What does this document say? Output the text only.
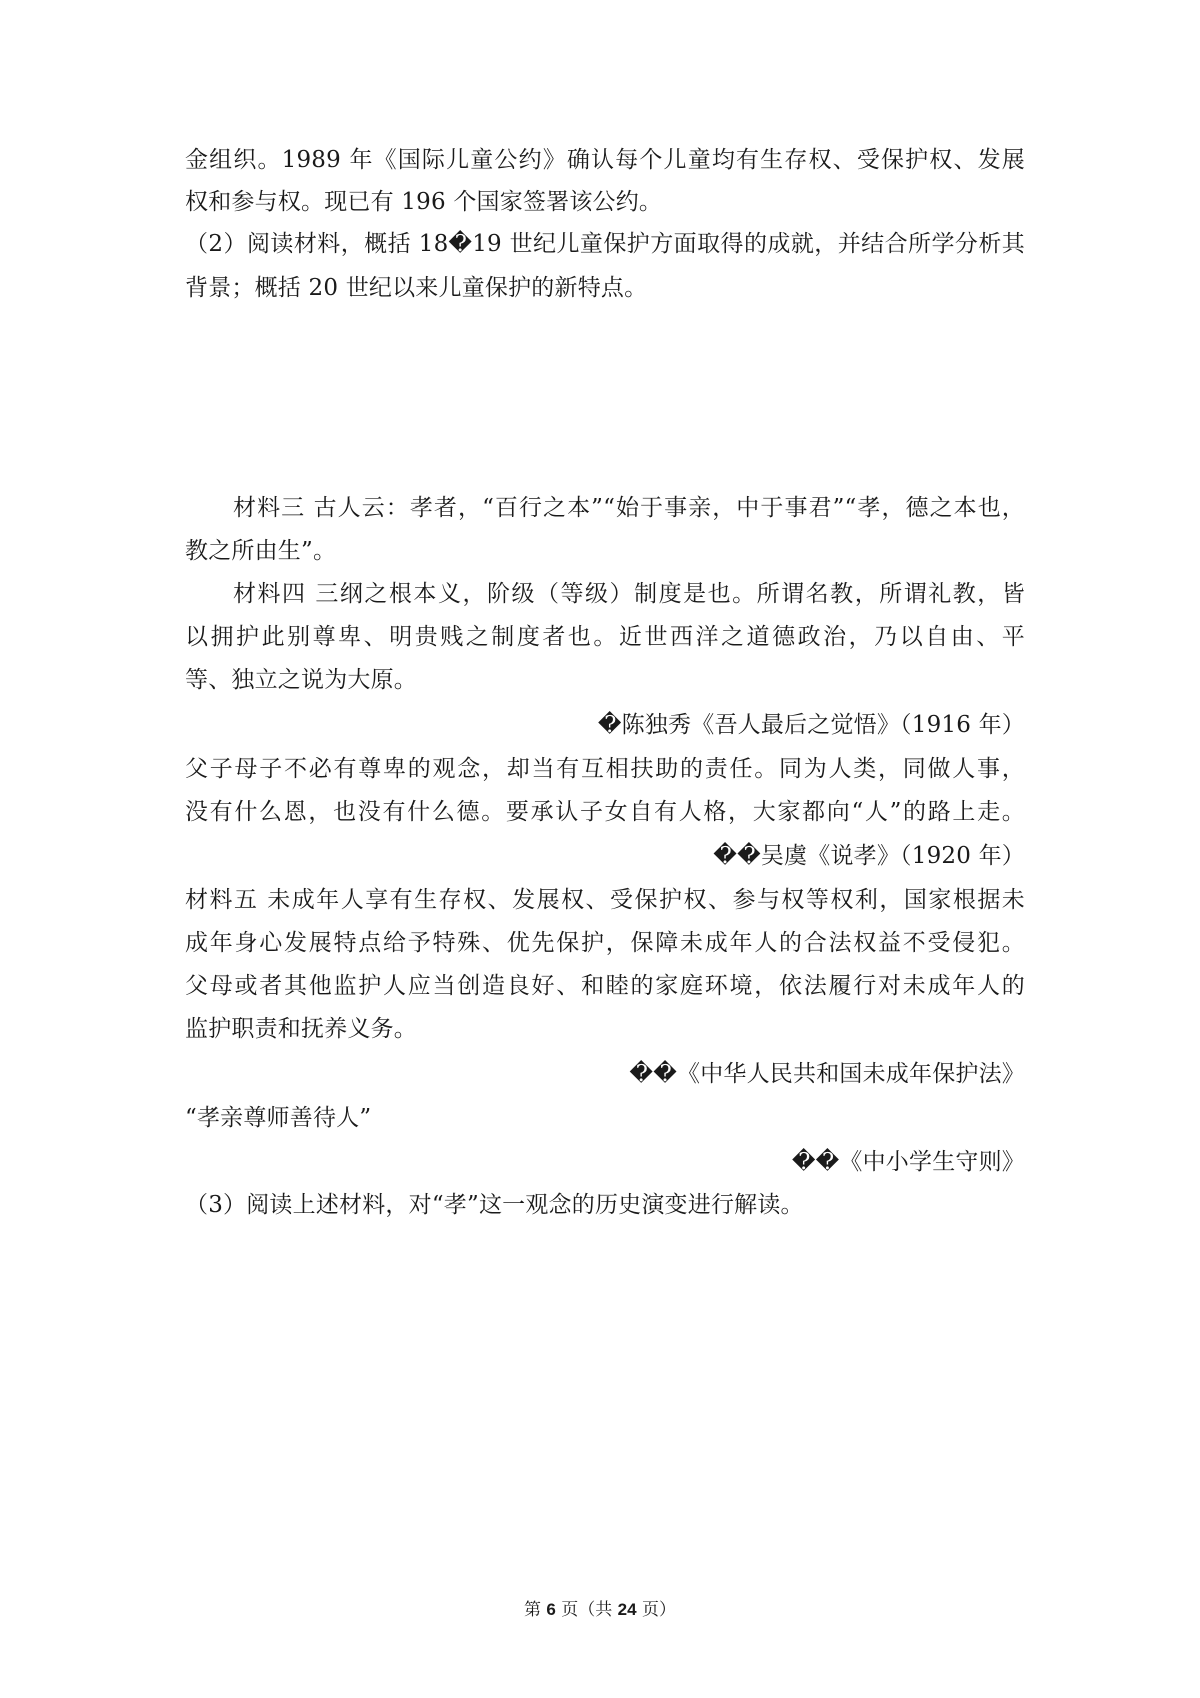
金组织。1989 年《国际儿童公约》确认每个儿童均有生存权、受保护权、发展
权和参与权。现已有 196 个国家签署该公约。
（2）阅读材料，概括 18�19 世纪儿童保护方面取得的成就，并结合所学分析其
背景；概括 20 世纪以来儿童保护的新特点。
材料三 古人云：孝者，“百行之本”“始于事亲，中于事君”“孝，德之本也，
教之所由生”。
材料四 三纲之根本义，阶级（等级）制度是也。所谓名教，所谓礼教，皆
以拥护此别尊卑、明贵贱之制度者也。近世西洋之道德政治，乃以自由、平
等、独立之说为大原。
�陈独秀《吾人最后之觉悟》（1916 年）
父子母子不必有尊卑的观念，却当有互相扶助的责任。同为人类，同做人事，
没有什么恩，也没有什么德。要承认子女自有人格，大家都向“人”的路上走。
��吴虞《说孝》（1920 年）
材料五 未成年人享有生存权、发展权、受保护权、参与权等权利，国家根据未
成年身心发展特点给予特殊、优先保护，保障未成年人的合法权益不受侵犯。
父母或者其他监护人应当创造良好、和睦的家庭环境，依法履行对未成年人的
监护职责和抚养义务。
��《中华人民共和国未成年保护法》
“孝亲尊师善待人”
��《中小学生守则》
（3）阅读上述材料，对“孝”这一观念的历史演变进行解读。
第 6 页（共 24 页）
